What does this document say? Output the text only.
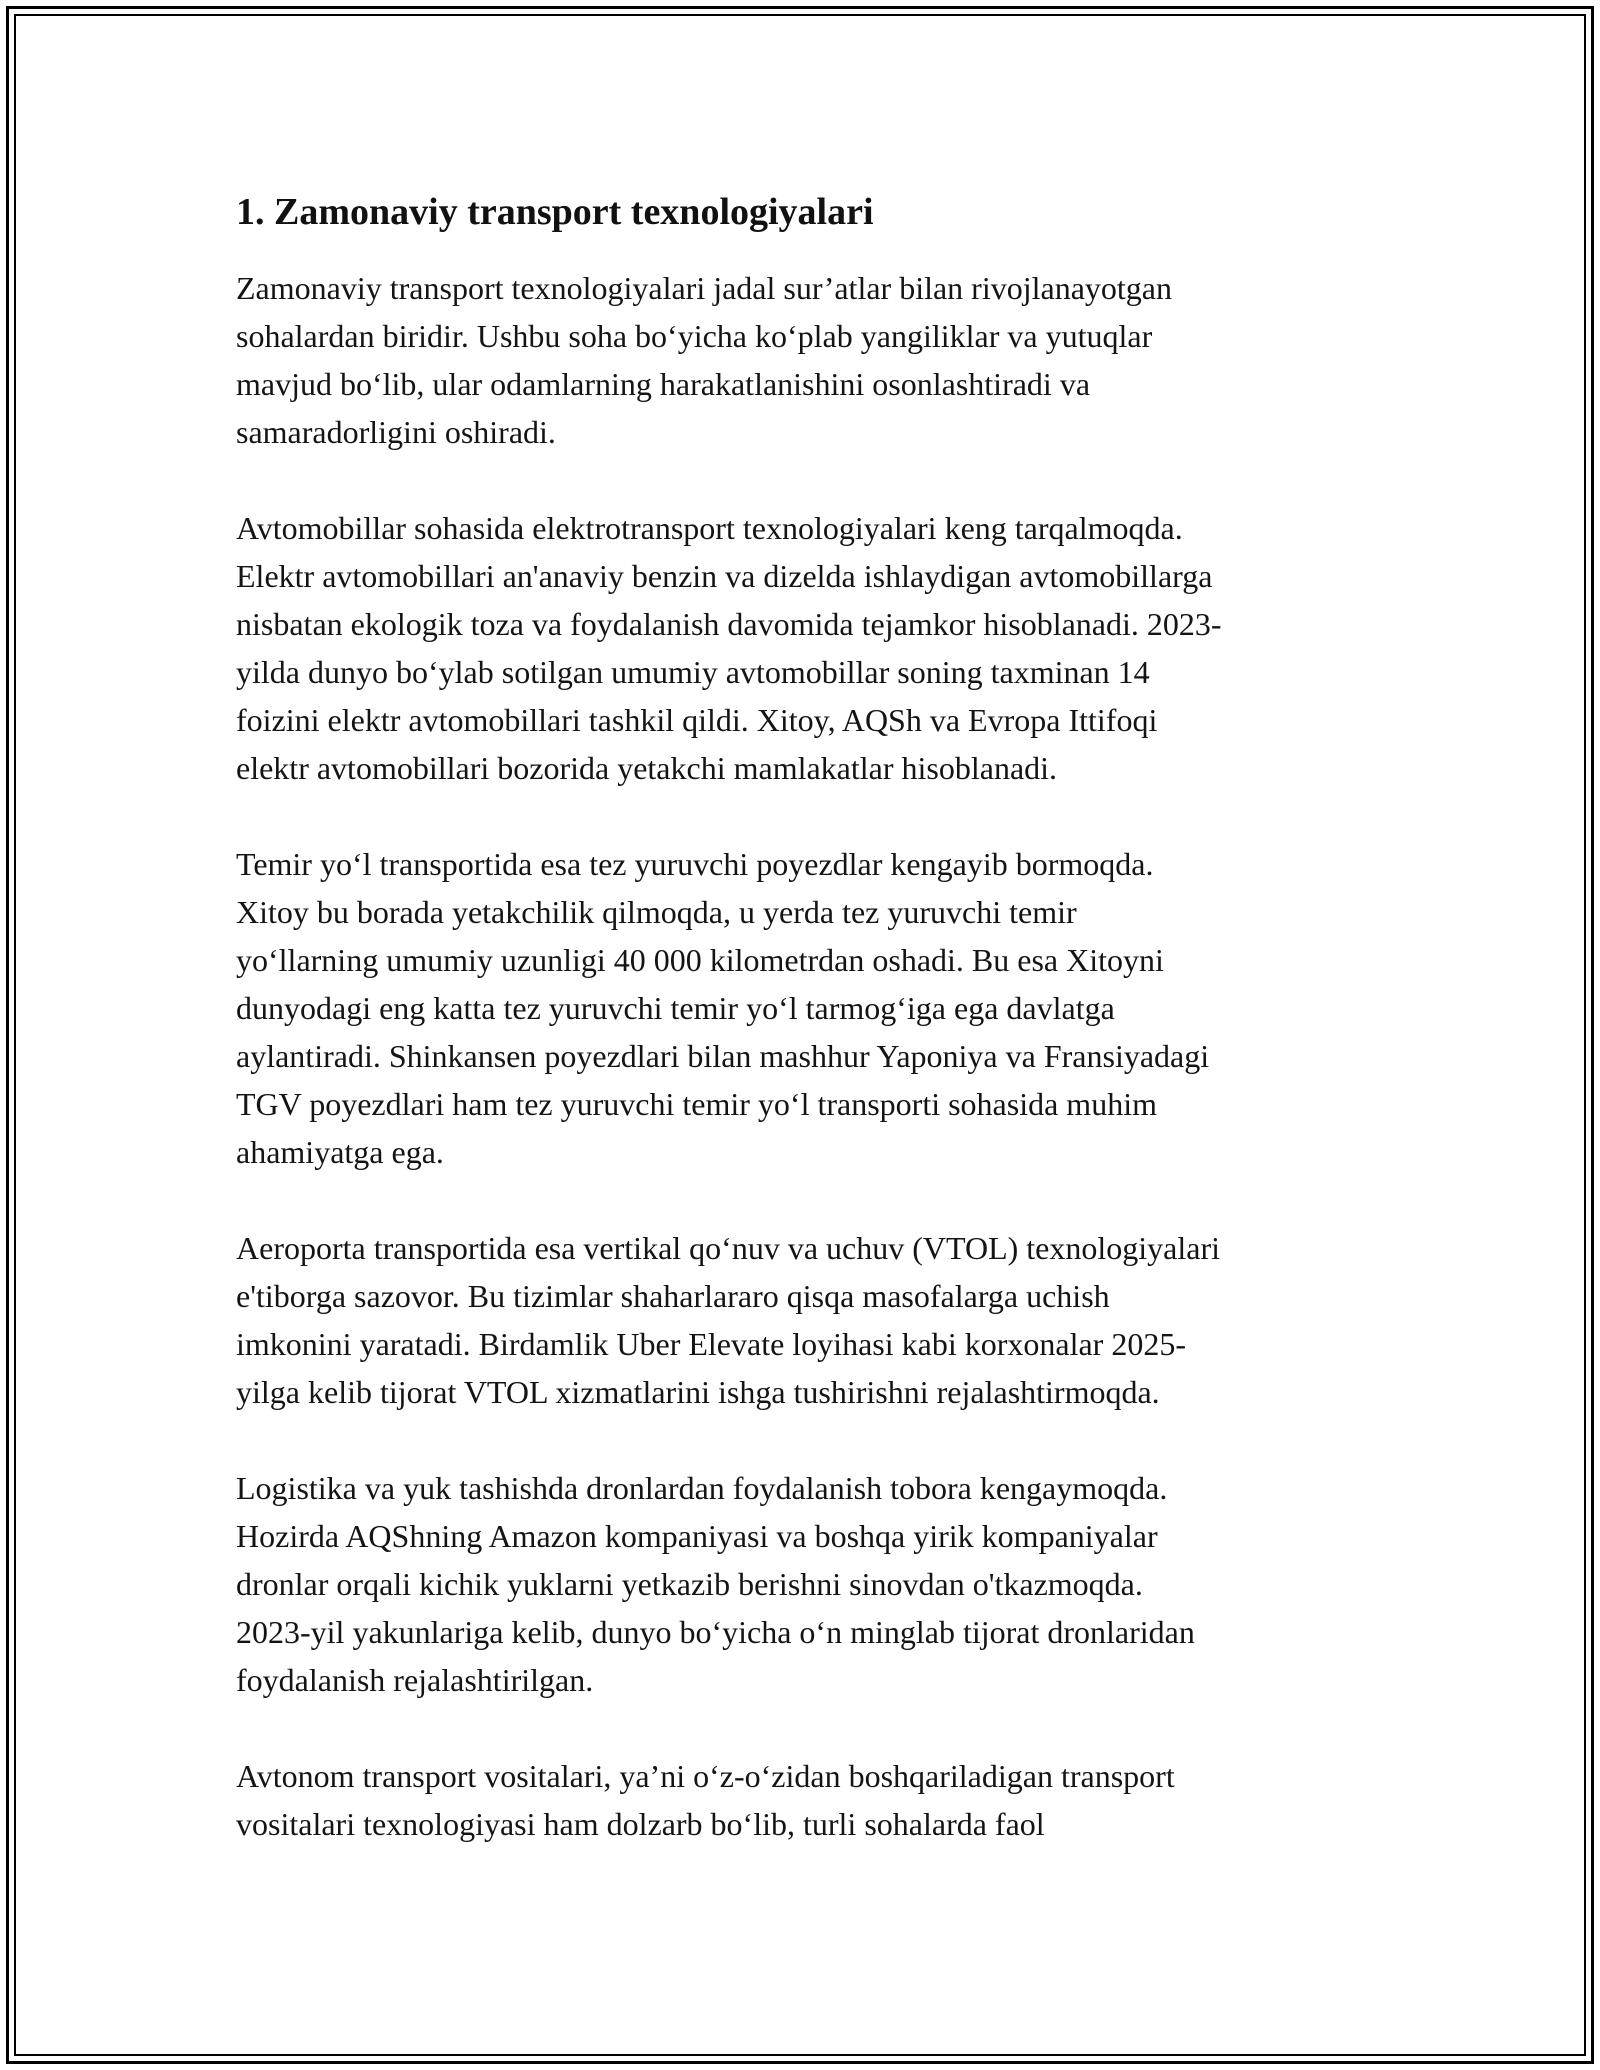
1. Zamonaviy transport texnologiyalari

Zamonaviy transport texnologiyalari jadal sur’atlar bilan rivojlanayotgan
sohalardan biridir. Ushbu soha bo‘yicha ko‘plab yangiliklar va yutuqlar
mavjud bo‘lib, ular odamlarning harakatlanishini osonlashtiradi va
samaradorligini oshiradi.

Avtomobillar sohasida elektrotransport texnologiyalari keng tarqalmoqda.
Elektr avtomobillari an'anaviy benzin va dizelda ishlaydigan avtomobillarga
nisbatan ekologik toza va foydalanish davomida tejamkor hisoblanadi. 2023-
yilda dunyo bo‘ylab sotilgan umumiy avtomobillar soning taxminan 14
foizini elektr avtomobillari tashkil qildi. Xitoy, AQSh va Evropa Ittifoqi
elektr avtomobillari bozorida yetakchi mamlakatlar hisoblanadi.

Temir yo‘l transportida esa tez yuruvchi poyezdlar kengayib bormoqda.
Xitoy bu borada yetakchilik qilmoqda, u yerda tez yuruvchi temir
yo‘llarning umumiy uzunligi 40 000 kilometrdan oshadi. Bu esa Xitoyni
dunyodagi eng katta tez yuruvchi temir yo‘l tarmog‘iga ega davlatga
aylantiradi. Shinkansen poyezdlari bilan mashhur Yaponiya va Fransiyadagi
TGV poyezdlari ham tez yuruvchi temir yo‘l transporti sohasida muhim
ahamiyatga ega.

Aeroporta transportida esa vertikal qo‘nuv va uchuv (VTOL) texnologiyalari
e'tiborga sazovor. Bu tizimlar shaharlararo qisqa masofalarga uchish
imkonini yaratadi. Birdamlik Uber Elevate loyihasi kabi korxonalar 2025-
yilga kelib tijorat VTOL xizmatlarini ishga tushirishni rejalashtirmoqda.

Logistika va yuk tashishda dronlardan foydalanish tobora kengaymoqda.
Hozirda AQShning Amazon kompaniyasi va boshqa yirik kompaniyalar
dronlar orqali kichik yuklarni yetkazib berishni sinovdan o'tkazmoqda.
2023-yil yakunlariga kelib, dunyo bo‘yicha o‘n minglab tijorat dronlaridan
foydalanish rejalashtirilgan.

Avtonom transport vositalari, ya’ni o‘z-o‘zidan boshqariladigan transport
vositalari texnologiyasi ham dolzarb bo‘lib, turli sohalarda faol
